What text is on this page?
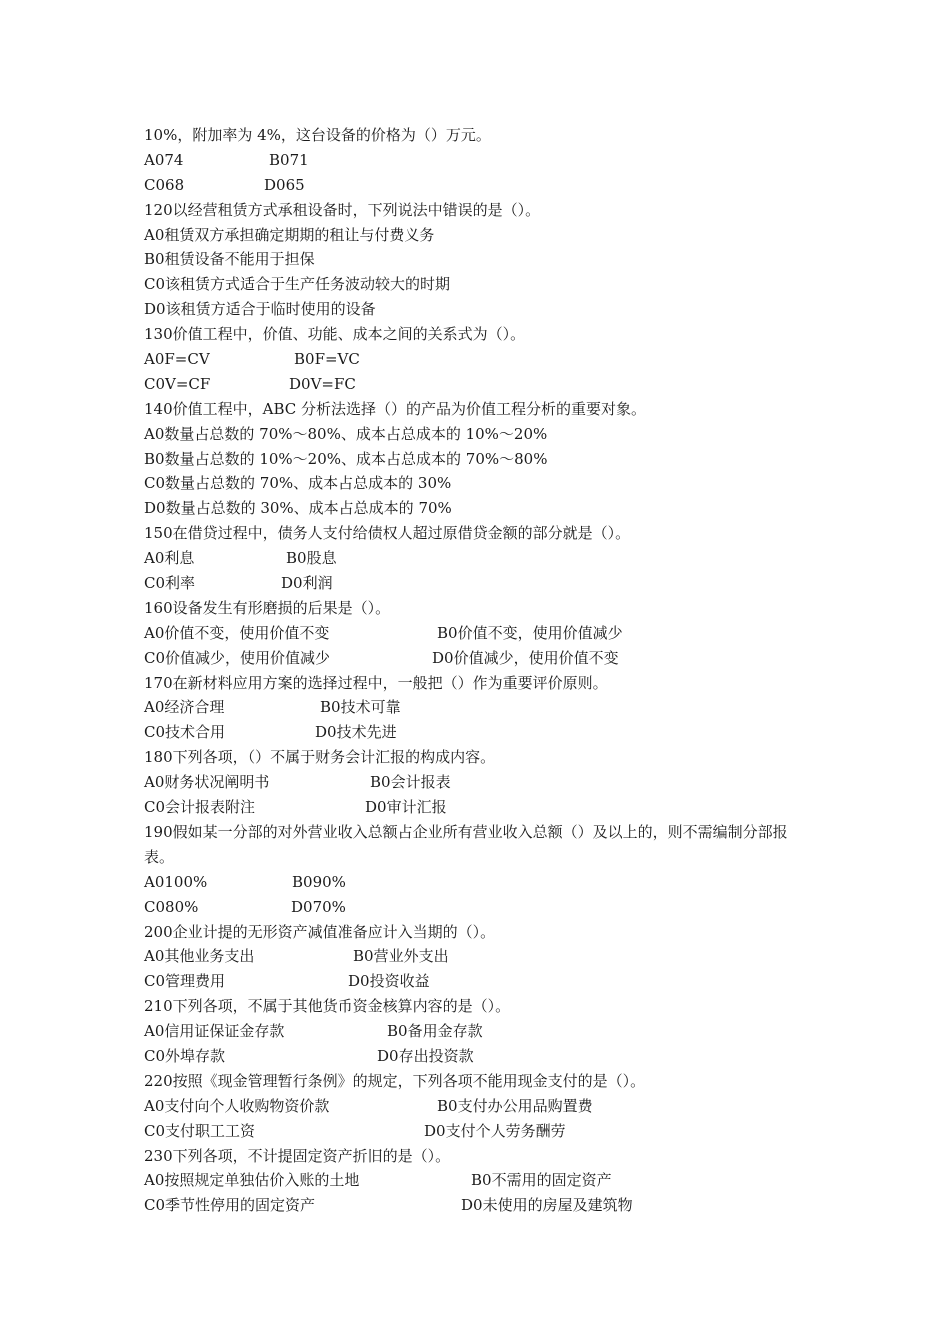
10%，附加率为 4%，这台设备的价格为（）万元。
A074	B071
C068	D065
120以经营租赁方式承租设备时，下列说法中错误的是（）。
A0租赁双方承担确定期期的租让与付费义务
B0租赁设备不能用于担保
C0该租赁方式适合于生产任务波动较大的时期
D0该租赁方适合于临时使用的设备
130价值工程中，价值、功能、成本之间的关系式为（）。
A0F=CV	B0F=VC
C0V=CF	D0V=FC
140价值工程中，ABC 分析法选择（）的产品为价值工程分析的重要对象。
A0数量占总数的 70%～80%、成本占总成本的 10%～20%
B0数量占总数的 10%～20%、成本占总成本的 70%～80%
C0数量占总数的 70%、成本占总成本的 30%
D0数量占总数的 30%、成本占总成本的 70%
150在借贷过程中，债务人支付给债权人超过原借贷金额的部分就是（）。
A0利息	B0股息
C0利率	D0利润
160设备发生有形磨损的后果是（）。
A0价值不变，使用价值不变	B0价值不变，使用价值减少
C0价值减少，使用价值减少	D0价值减少，使用价值不变
170在新材料应用方案的选择过程中，一般把（）作为重要评价原则。
A0经济合理	B0技术可靠
C0技术合用	D0技术先进
180下列各项，（）不属于财务会计汇报的构成内容。
A0财务状况阐明书	B0会计报表
C0会计报表附注	D0审计汇报
190假如某一分部的对外营业收入总额占企业所有营业收入总额（）及以上的，则不需编制分部报表。
A0100%	B090%
C080%	D070%
200企业计提的无形资产减值准备应计入当期的（）。
A0其他业务支出	B0营业外支出
C0管理费用	D0投资收益
210下列各项，不属于其他货币资金核算内容的是（）。
A0信用证保证金存款	B0备用金存款
C0外埠存款	D0存出投资款
220按照《现金管理暂行条例》的规定，下列各项不能用现金支付的是（）。
A0支付向个人收购物资价款	B0支付办公用品购置费
C0支付职工工资	D0支付个人劳务酬劳
230下列各项，不计提固定资产折旧的是（）。
A0按照规定单独估价入账的土地	B0不需用的固定资产
C0季节性停用的固定资产	D0未使用的房屋及建筑物
